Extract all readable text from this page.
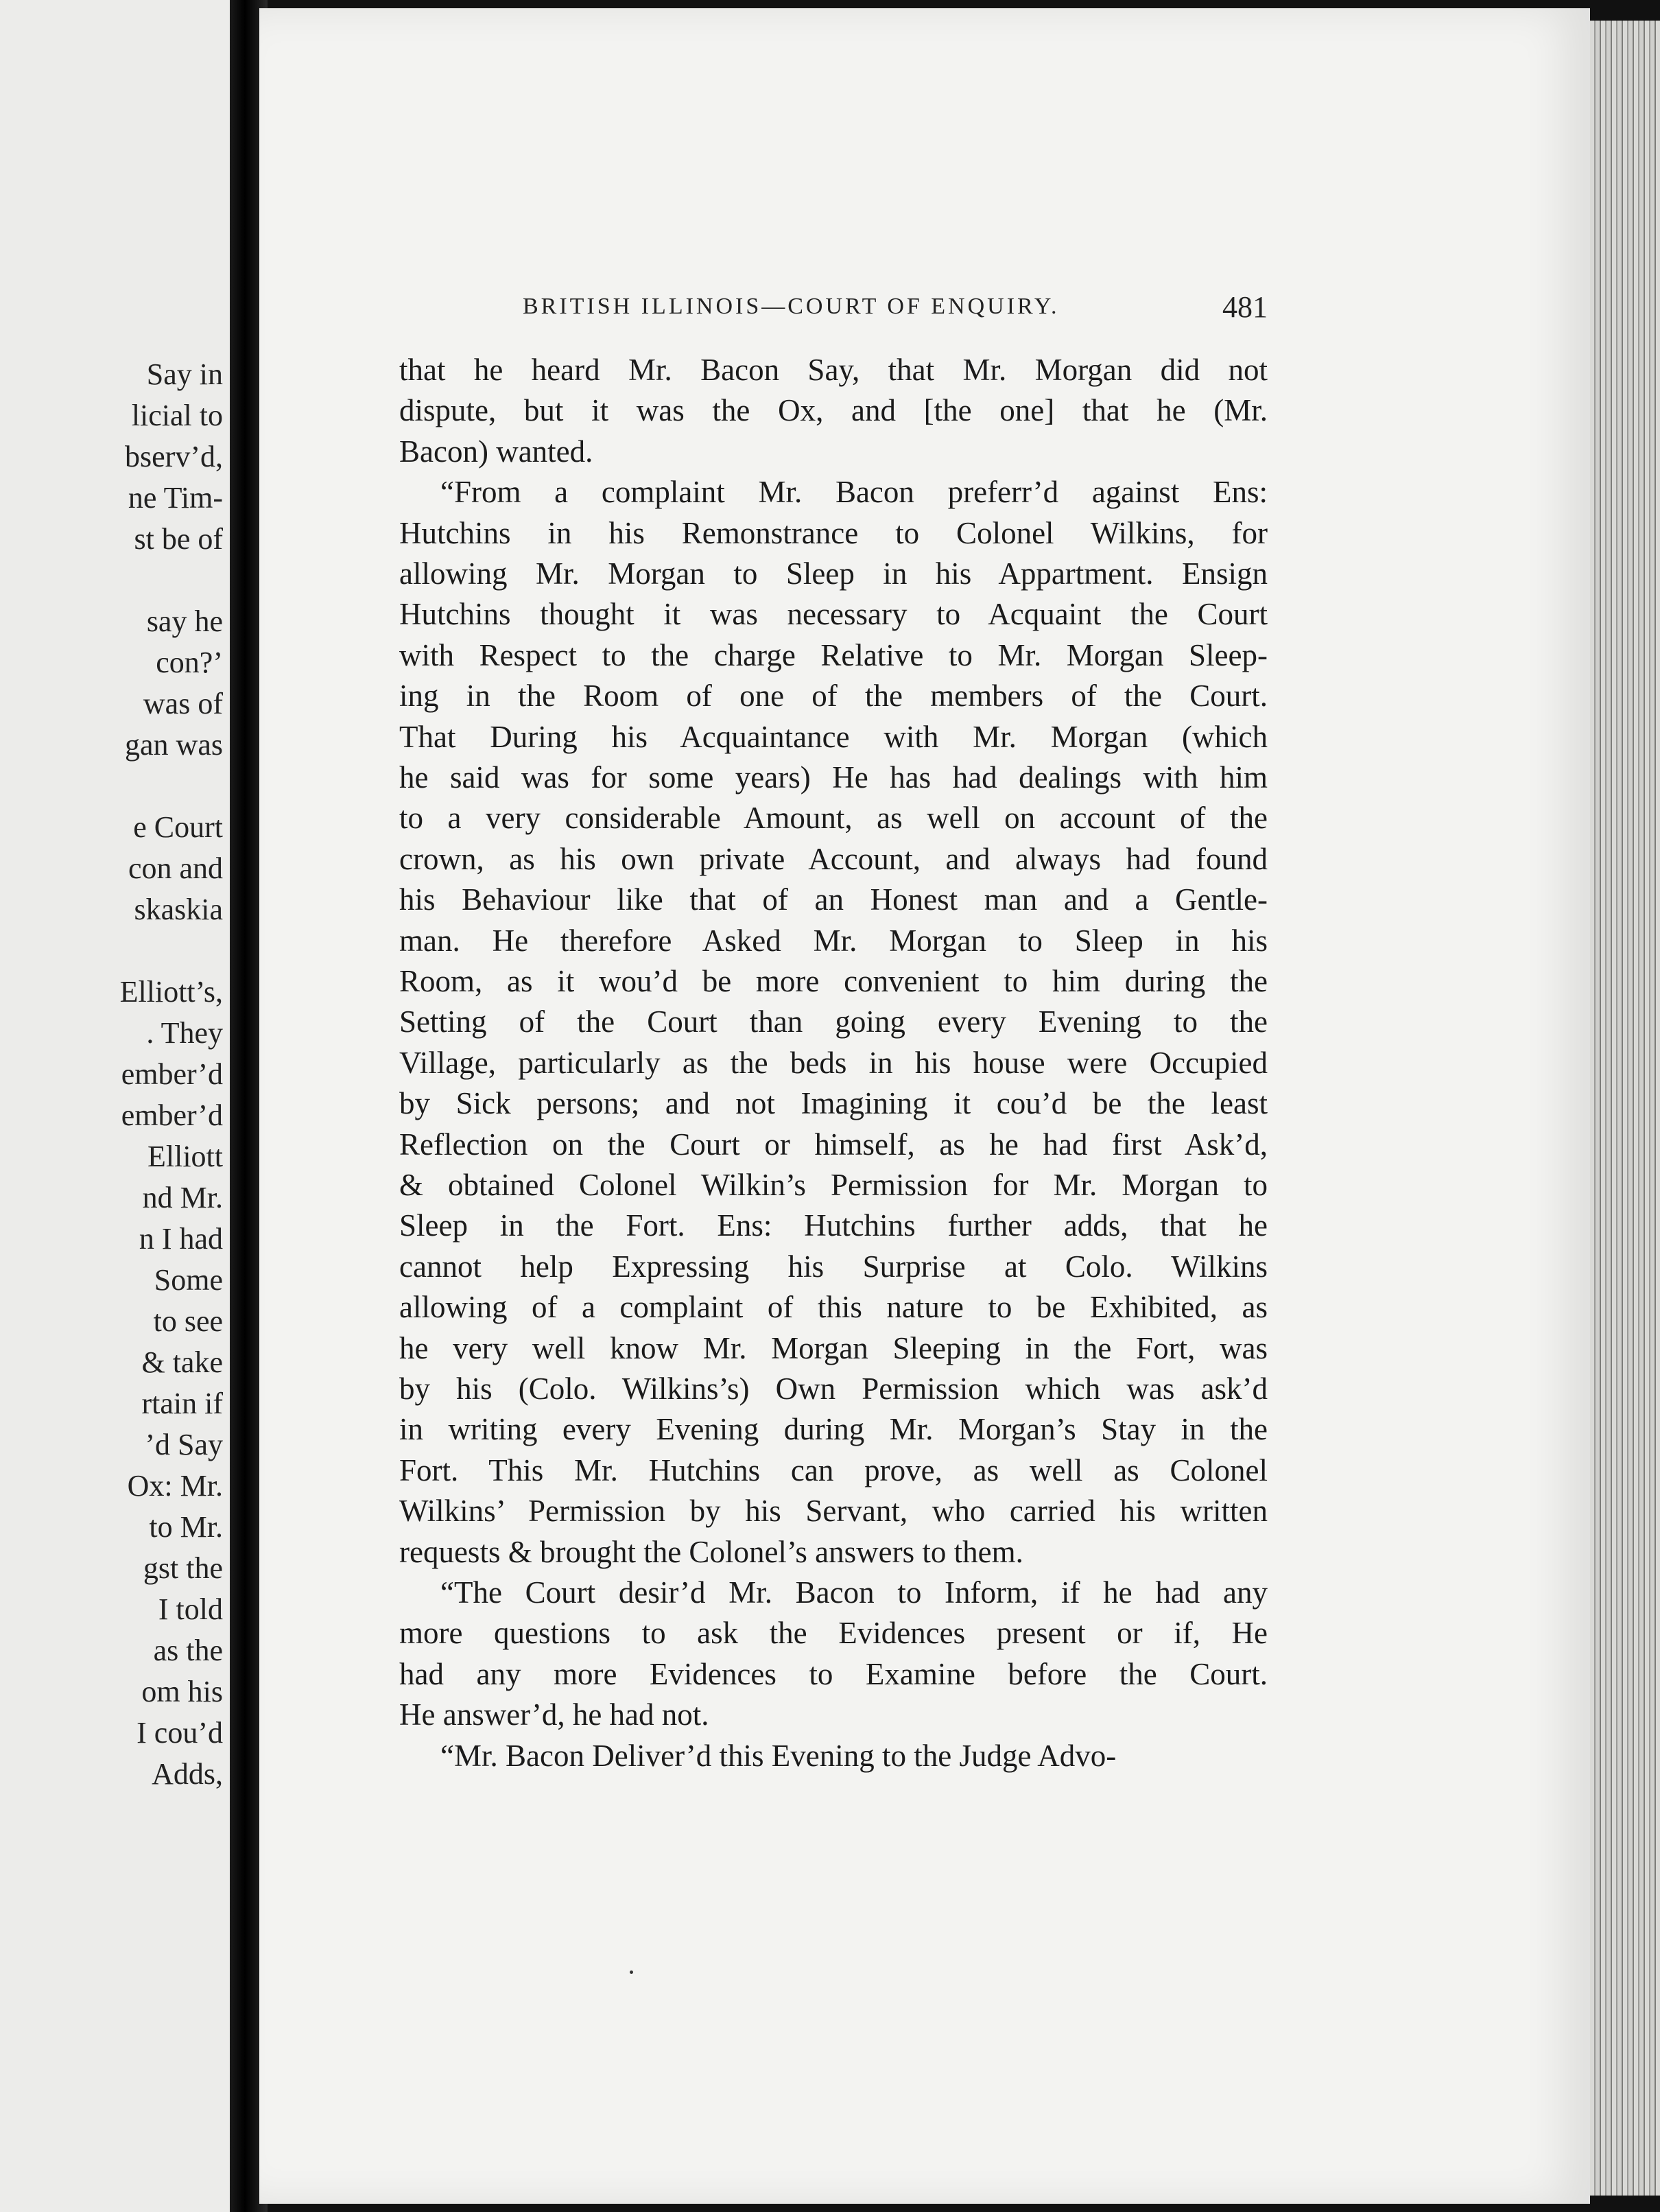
Say in
licial to
bserv’d,
ne Tim-
st be of
say he
con?’
was of
gan was
e Court
con and
skaskia
Elliott’s,
. They
ember’d
ember’d
Elliott
nd Mr.
n I had
Some
to see
& take
rtain if
’d Say
Ox: Mr.
to Mr.
gst the
I told
as the
om his
I cou’d
Adds,
BRITISH ILLINOIS—COURT OF ENQUIRY.	481
that he heard Mr. Bacon Say, that Mr. Morgan did not
dispute, but it was the Ox, and [the one] that he (Mr.
Bacon) wanted.
“From a complaint Mr. Bacon preferr’d against Ens:
Hutchins in his Remonstrance to Colonel Wilkins, for
allowing Mr. Morgan to Sleep in his Appartment. Ensign
Hutchins thought it was necessary to Acquaint the Court
with Respect to the charge Relative to Mr. Morgan Sleep-
ing in the Room of one of the members of the Court.
That During his Acquaintance with Mr. Morgan (which
he said was for some years) He has had dealings with him
to a very considerable Amount, as well on account of the
crown, as his own private Account, and always had found
his Behaviour like that of an Honest man and a Gentle-
man. He therefore Asked Mr. Morgan to Sleep in his
Room, as it wou’d be more convenient to him during the
Setting of the Court than going every Evening to the
Village, particularly as the beds in his house were Occupied
by Sick persons; and not Imagining it cou’d be the least
Reflection on the Court or himself, as he had first Ask’d,
& obtained Colonel Wilkin’s Permission for Mr. Morgan to
Sleep in the Fort. Ens: Hutchins further adds, that he
cannot help Expressing his Surprise at Colo. Wilkins
allowing of a complaint of this nature to be Exhibited, as
he very well know Mr. Morgan Sleeping in the Fort, was
by his (Colo. Wilkins’s) Own Permission which was ask’d
in writing every Evening during Mr. Morgan’s Stay in the
Fort. This Mr. Hutchins can prove, as well as Colonel
Wilkins’ Permission by his Servant, who carried his written
requests & brought the Colonel’s answers to them.
“The Court desir’d Mr. Bacon to Inform, if he had any
more questions to ask the Evidences present or if, He
had any more Evidences to Examine before the Court.
He answer’d, he had not.
“Mr. Bacon Deliver’d this Evening to the Judge Advo-
